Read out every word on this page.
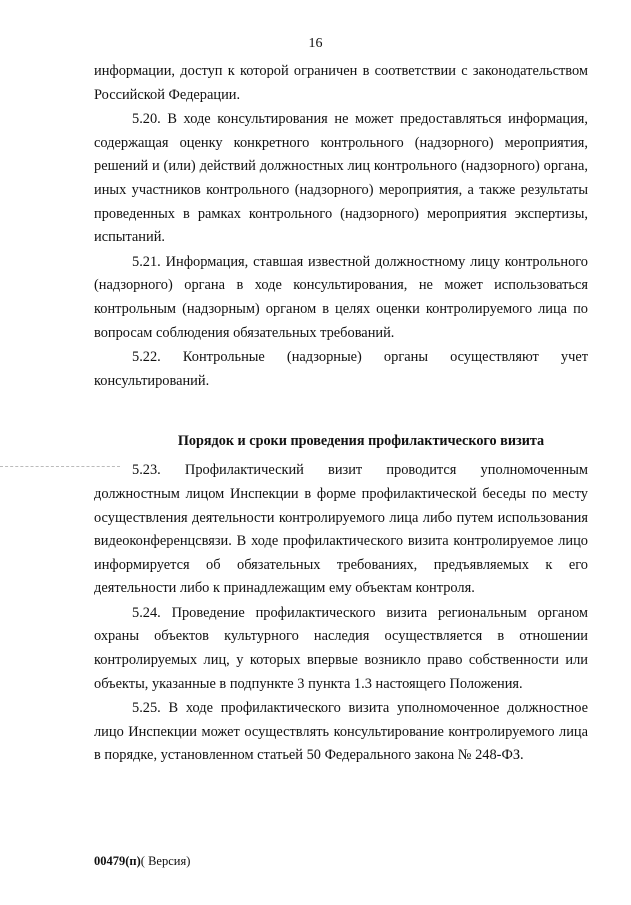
16

информации, доступ к которой ограничен в соответствии с законодательством Российской Федерации.

5.20. В ходе консультирования не может предоставляться информация, содержащая оценку конкретного контрольного (надзорного) мероприятия, решений и (или) действий должностных лиц контрольного (надзорного) органа, иных участников контрольного (надзорного) мероприятия, а также результаты проведенных в рамках контрольного (надзорного) мероприятия экспертизы, испытаний.

5.21. Информация, ставшая известной должностному лицу контрольного (надзорного) органа в ходе консультирования, не может использоваться контрольным (надзорным) органом в целях оценки контролируемого лица по вопросам соблюдения обязательных требований.

5.22. Контрольные (надзорные) органы осуществляют учет консультирований.

Порядок и сроки проведения профилактического визита

5.23. Профилактический визит проводится уполномоченным должностным лицом Инспекции в форме профилактической беседы по месту осуществления деятельности контролируемого лица либо путем использования видеоконференцсвязи. В ходе профилактического визита контролируемое лицо информируется об обязательных требованиях, предъявляемых к его деятельности либо к принадлежащим ему объектам контроля.

5.24. Проведение профилактического визита региональным органом охраны объектов культурного наследия осуществляется в отношении контролируемых лиц, у которых впервые возникло право собственности или объекты, указанные в подпункте 3 пункта 1.3 настоящего Положения.

5.25. В ходе профилактического визита уполномоченное должностное лицо Инспекции может осуществлять консультирование контролируемого лица в порядке, установленном статьей 50 Федерального закона № 248-ФЗ.

00479(п)( Версия)
